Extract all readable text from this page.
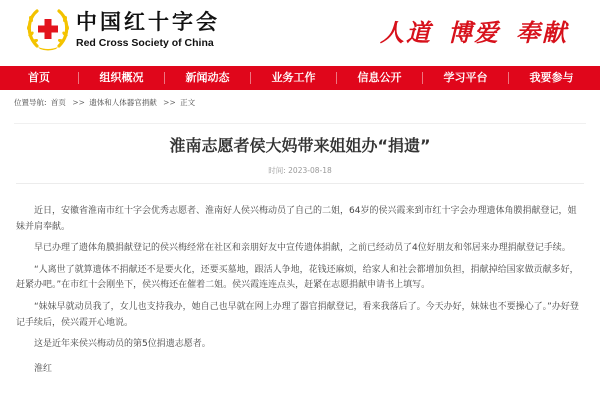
中国红十字会
Red Cross Society of China	人道 博爱 奉献
首页	组织概况	新闻动态	业务工作	信息公开	学习平台	我要参与
位置导航: 首页 >> 遗体和人体器官捐献 >> 正文
淮南志愿者侯大妈带来姐姐办“捐遗”
时间: 2023-08-18

近日，安徽省淮南市红十字会优秀志愿者、淮南好人侯兴梅动员了自己的二姐，64岁的侯兴霞来到市红十字会办理遗体角膜捐献登记，姐妹并肩奉献。

早已办理了遗体角膜捐献登记的侯兴梅经常在社区和亲朋好友中宣传遗体捐献，之前已经动员了4位好朋友和邻居来办理捐献登记手续。

“人离世了就算遗体不捐献还不是要火化，还要买墓地，跟活人争地，花钱还麻烦，给家人和社会都增加负担，捐献掉给国家做贡献多好，赶紧办吧。”在市红十会刚坐下，侯兴梅还在催着二姐。侯兴霞连连点头，赶紧在志愿捐献申请书上填写。

“妹妹早就动员我了，女儿也支持我办，她自己也早就在网上办理了器官捐献登记，看来我落后了。今天办好，妹妹也不要操心了。”办好登记手续后，侯兴霞开心地说。

这是近年来侯兴梅动员的第5位捐遗志愿者。

淮红
